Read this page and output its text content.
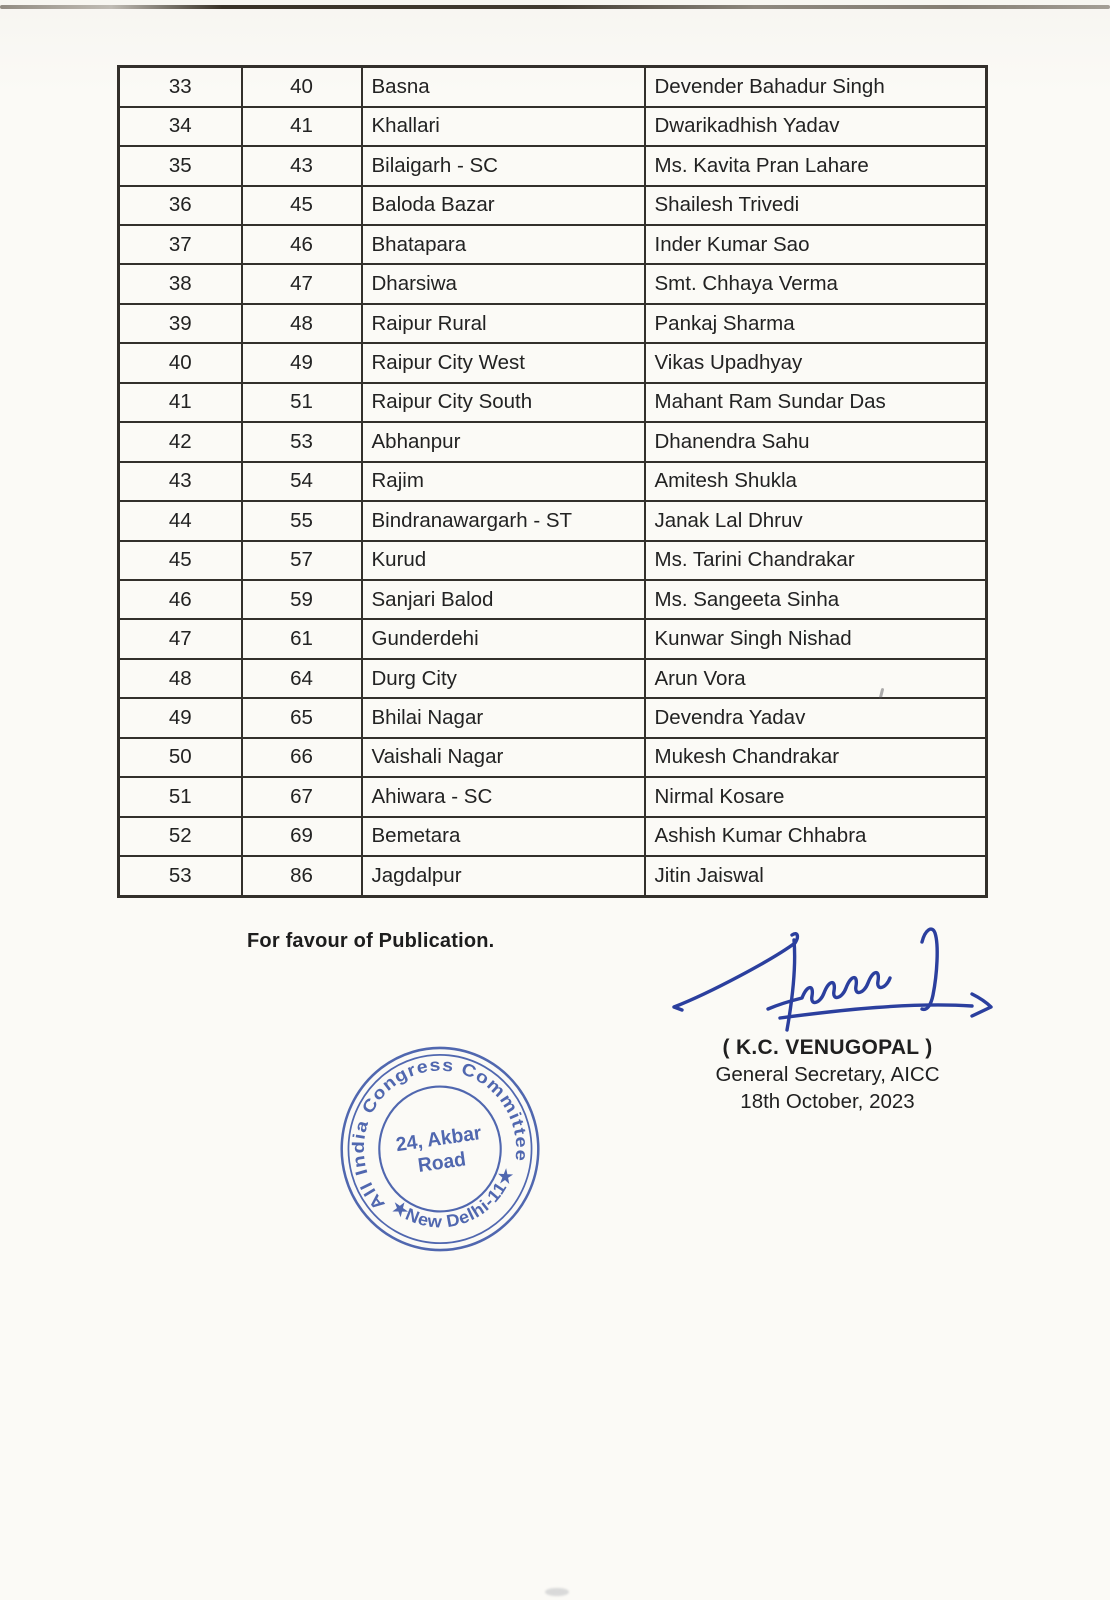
33	40	Basna	Devender Bahadur Singh
34	41	Khallari	Dwarikadhish Yadav
35	43	Bilaigarh - SC	Ms. Kavita Pran Lahare
36	45	Baloda Bazar	Shailesh Trivedi
37	46	Bhatapara	Inder Kumar Sao
38	47	Dharsiwa	Smt. Chhaya Verma
39	48	Raipur Rural	Pankaj Sharma
40	49	Raipur City West	Vikas Upadhyay
41	51	Raipur City South	Mahant Ram Sundar Das
42	53	Abhanpur	Dhanendra Sahu
43	54	Rajim	Amitesh Shukla
44	55	Bindranawargarh - ST	Janak Lal Dhruv
45	57	Kurud	Ms. Tarini Chandrakar
46	59	Sanjari Balod	Ms. Sangeeta Sinha
47	61	Gunderdehi	Kunwar Singh Nishad
48	64	Durg City	Arun Vora
49	65	Bhilai Nagar	Devendra Yadav
50	66	Vaishali Nagar	Mukesh Chandrakar
51	67	Ahiwara - SC	Nirmal Kosare
52	69	Bemetara	Ashish Kumar Chhabra
53	86	Jagdalpur	Jitin Jaiswal
For favour of Publication.
( K.C. VENUGOPAL )
General Secretary, AICC
18th October, 2023
All India Congress Committee
★New Delhi-11★
24, Akbar
Road
